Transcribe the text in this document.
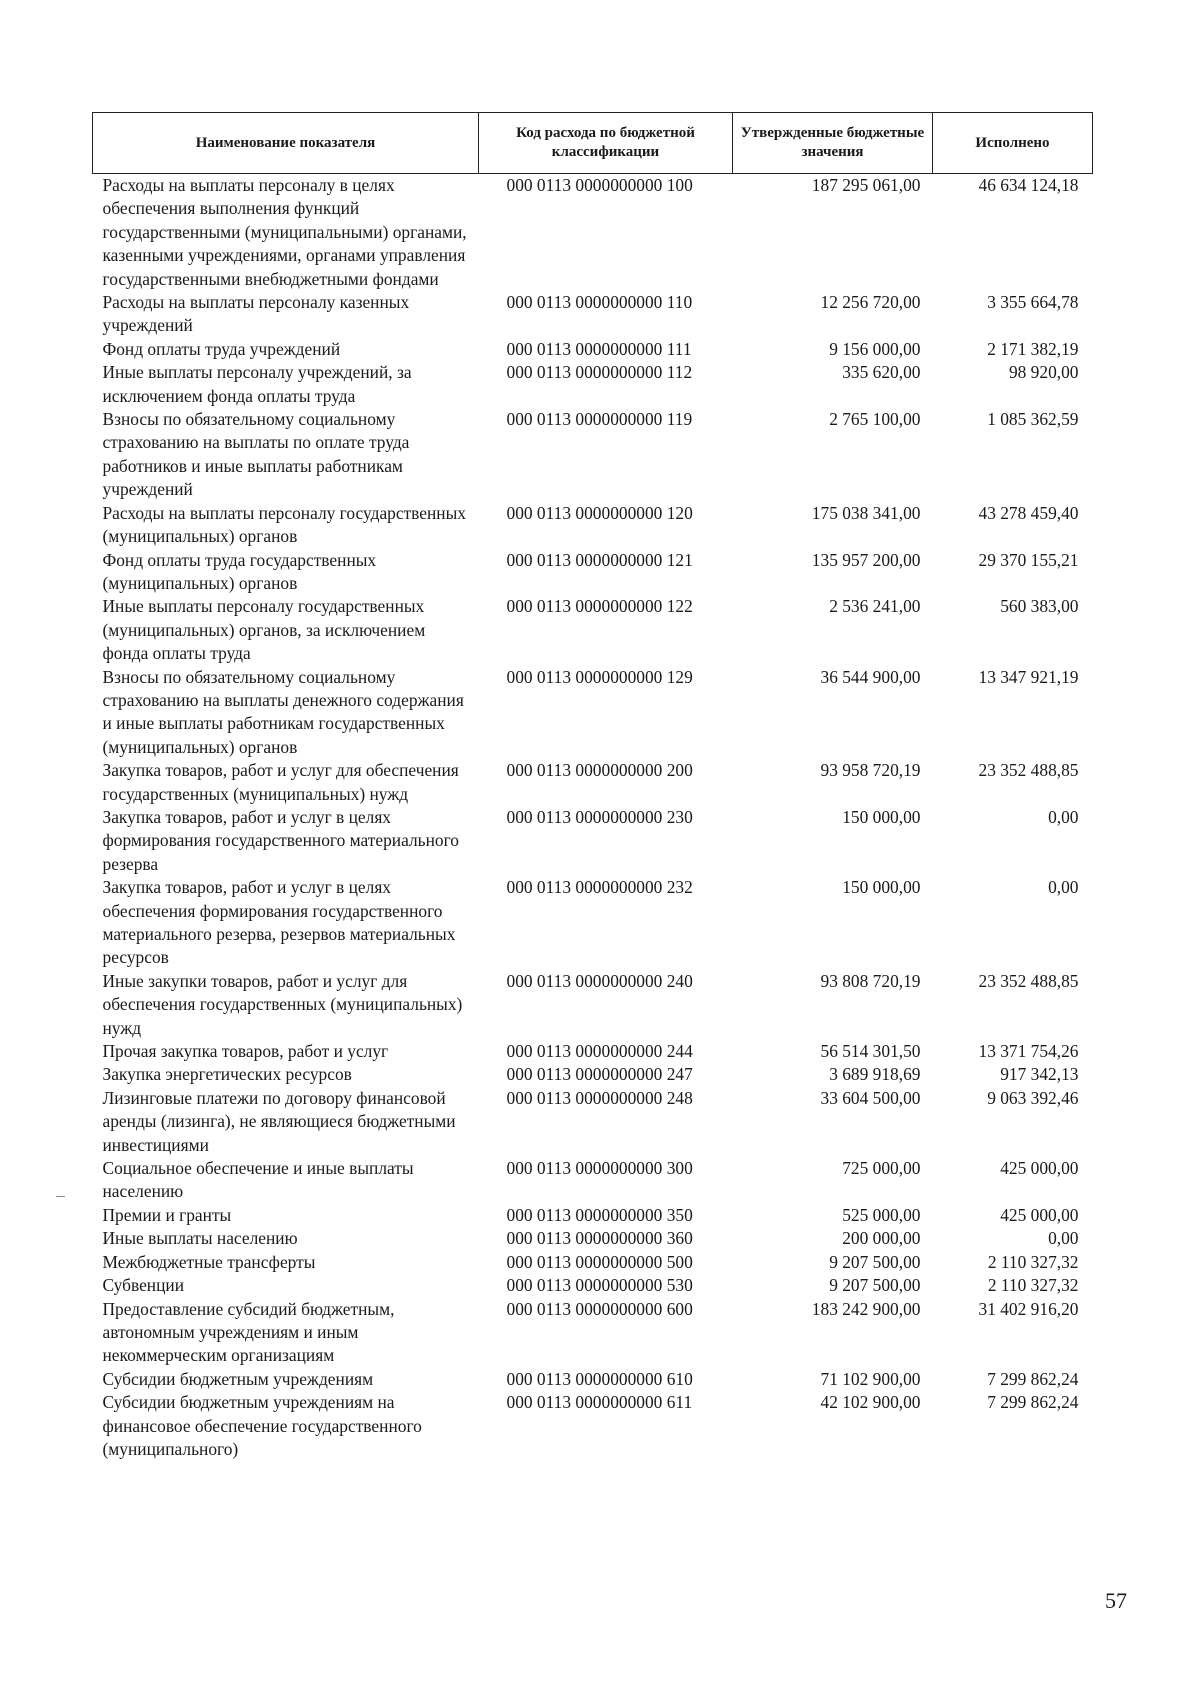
Наименование показателя	Код расхода по бюджетной классификации	Утвержденные бюджетные значения	Исполнено
Расходы на выплаты персоналу в целях обеспечения выполнения функций государственными (муниципальными) органами, казенными учреждениями, органами управления государственными внебюджетными фондами	000 0113 0000000000 100	187 295 061,00	46 634 124,18
Расходы на выплаты персоналу казенных учреждений	000 0113 0000000000 110	12 256 720,00	3 355 664,78
Фонд оплаты труда учреждений	000 0113 0000000000 111	9 156 000,00	2 171 382,19
Иные выплаты персоналу учреждений, за исключением фонда оплаты труда	000 0113 0000000000 112	335 620,00	98 920,00
Взносы по обязательному социальному страхованию на выплаты по оплате труда работников и иные выплаты работникам учреждений	000 0113 0000000000 119	2 765 100,00	1 085 362,59
Расходы на выплаты персоналу государственных (муниципальных) органов	000 0113 0000000000 120	175 038 341,00	43 278 459,40
Фонд оплаты труда государственных (муниципальных) органов	000 0113 0000000000 121	135 957 200,00	29 370 155,21
Иные выплаты персоналу государственных (муниципальных) органов, за исключением фонда оплаты труда	000 0113 0000000000 122	2 536 241,00	560 383,00
Взносы по обязательному социальному страхованию на выплаты денежного содержания и иные выплаты работникам государственных (муниципальных) органов	000 0113 0000000000 129	36 544 900,00	13 347 921,19
Закупка товаров, работ и услуг для обеспечения государственных (муниципальных) нужд	000 0113 0000000000 200	93 958 720,19	23 352 488,85
Закупка товаров, работ и услуг в целях формирования государственного материального резерва	000 0113 0000000000 230	150 000,00	0,00
Закупка товаров, работ и услуг в целях обеспечения формирования государственного материального резерва, резервов материальных ресурсов	000 0113 0000000000 232	150 000,00	0,00
Иные закупки товаров, работ и услуг для обеспечения государственных (муниципальных) нужд	000 0113 0000000000 240	93 808 720,19	23 352 488,85
Прочая закупка товаров, работ и услуг	000 0113 0000000000 244	56 514 301,50	13 371 754,26
Закупка энергетических ресурсов	000 0113 0000000000 247	3 689 918,69	917 342,13
Лизинговые платежи по договору финансовой аренды (лизинга), не являющиеся бюджетными инвестициями	000 0113 0000000000 248	33 604 500,00	9 063 392,46
Социальное обеспечение и иные выплаты населению	000 0113 0000000000 300	725 000,00	425 000,00
Премии и гранты	000 0113 0000000000 350	525 000,00	425 000,00
Иные выплаты населению	000 0113 0000000000 360	200 000,00	0,00
Межбюджетные трансферты	000 0113 0000000000 500	9 207 500,00	2 110 327,32
Субвенции	000 0113 0000000000 530	9 207 500,00	2 110 327,32
Предоставление субсидий бюджетным, автономным учреждениям и иным некоммерческим организациям	000 0113 0000000000 600	183 242 900,00	31 402 916,20
Субсидии бюджетным учреждениям	000 0113 0000000000 610	71 102 900,00	7 299 862,24
Субсидии бюджетным учреждениям на финансовое обеспечение государственного (муниципального)	000 0113 0000000000 611	42 102 900,00	7 299 862,24
57
